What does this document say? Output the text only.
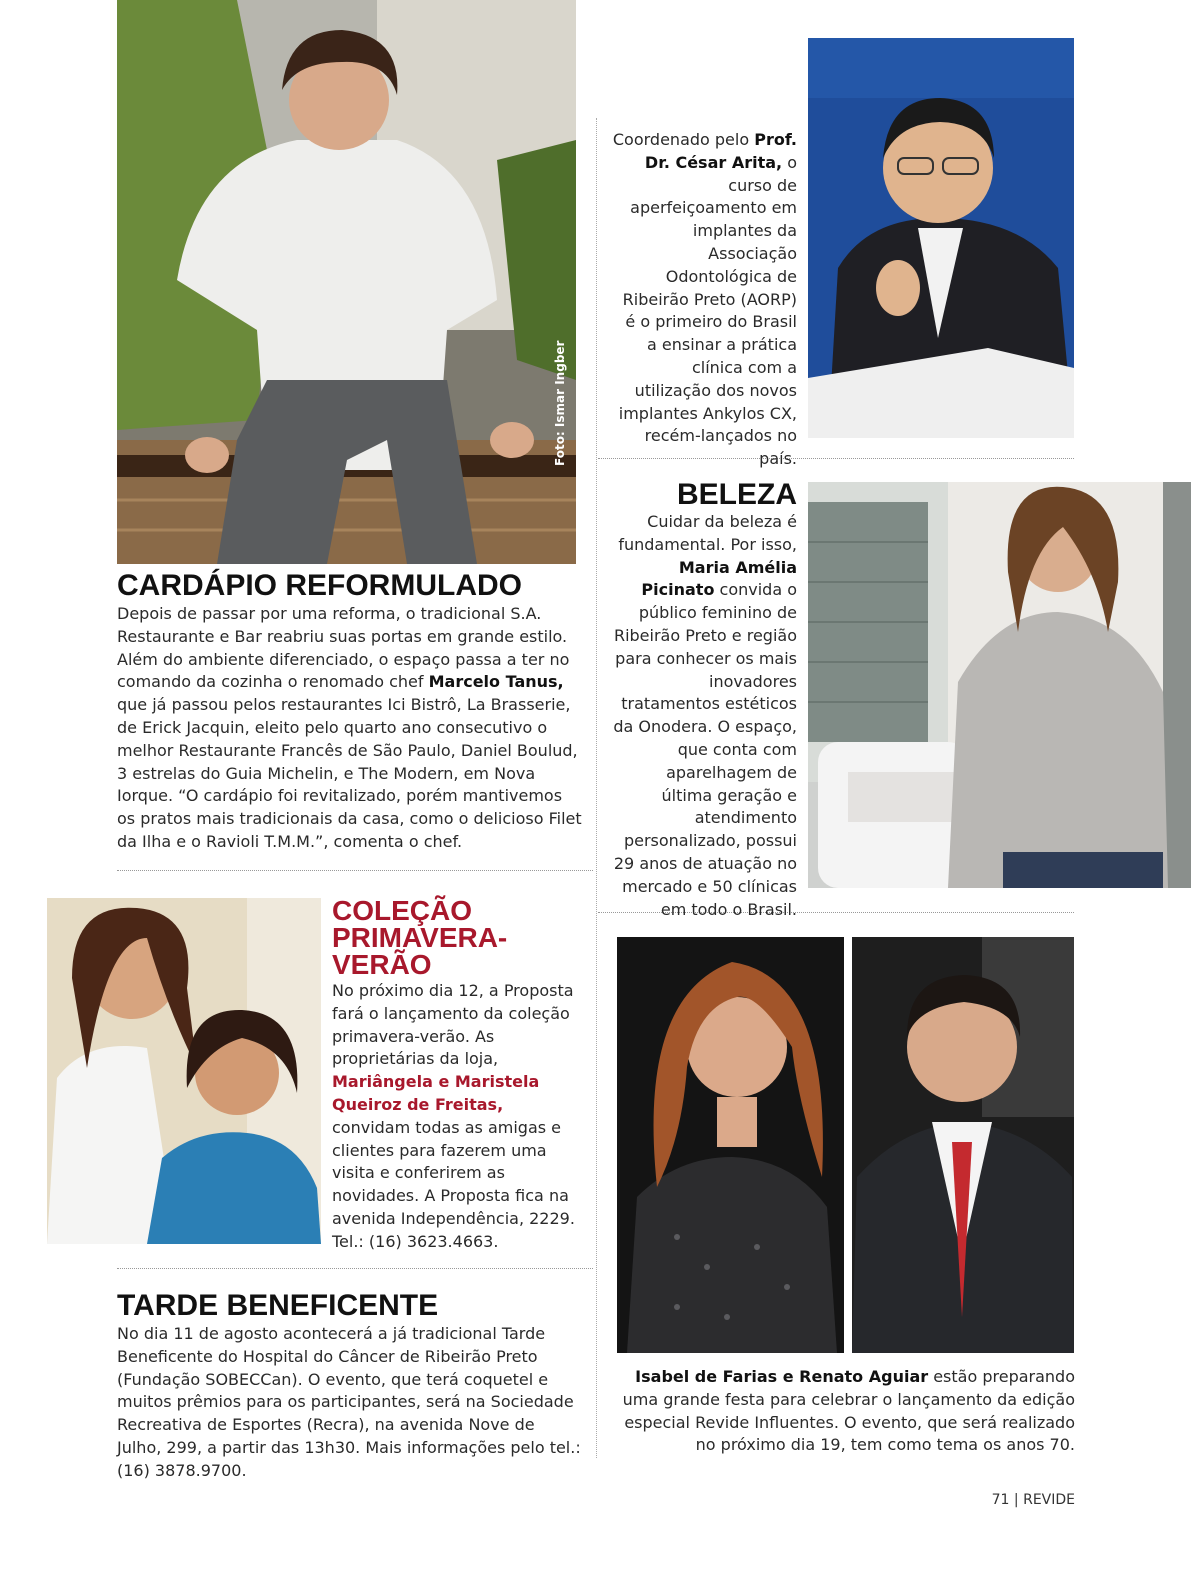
Foto: Ismar Ingber
CARDÁPIO REFORMULADO

Depois de passar por uma reforma, o tradicional S.A. Restaurante e Bar reabriu suas portas em grande estilo. Além do ambiente diferenciado, o espaço passa a ter no comando da cozinha o renomado chef Marcelo Tanus, que já passou pelos restaurantes Ici Bistrô, La Brasserie, de Erick Jacquin, eleito pelo quarto ano consecutivo o melhor Restaurante Francês de São Paulo, Daniel Boulud, 3 estrelas do Guia Michelin, e The Modern, em Nova Iorque. “O cardápio foi revitalizado, porém mantivemos os pratos mais tradicionais da casa, como o delicioso Filet da Ilha e o Ravioli T.M.M.”, comenta o chef.

Coordenado pelo Prof. Dr. César Arita, o curso de aperfeiçoamento em implantes da Associação Odontológica de Ribeirão Preto (AORP) é o primeiro do Brasil a ensinar a prática clínica com a utilização dos novos implantes Ankylos CX, recém-lançados no país.

BELEZA

Cuidar da beleza é fundamental. Por isso, Maria Amélia Picinato convida o público feminino de Ribeirão Preto e região para conhecer os mais inovadores tratamentos estéticos da Onodera. O espaço, que conta com aparelhagem de última geração e atendimento personalizado, possui 29 anos de atuação no mercado e 50 clínicas em todo o Brasil.

COLEÇÃO
PRIMAVERA-
VERÃO

No próximo dia 12, a Proposta fará o lançamento da coleção primavera-verão. As proprietárias da loja, Mariângela e Maristela Queiroz de Freitas, convidam todas as amigas e clientes para fazerem uma visita e conferirem as novidades. A Proposta fica na avenida Independência, 2229. Tel.: (16) 3623.4663.

TARDE BENEFICENTE

No dia 11 de agosto acontecerá a já tradicional Tarde Beneficente do Hospital do Câncer de Ribeirão Preto (Fundação SOBECCan). O evento, que terá coquetel e muitos prêmios para os participantes, será na Sociedade Recreativa de Esportes (Recra), na avenida Nove de Julho, 299, a partir das 13h30. Mais informações pelo tel.: (16) 3878.9700.

Isabel de Farias e Renato Aguiar estão preparando uma grande festa para celebrar o lançamento da edição especial Revide Influentes. O evento, que será realizado no próximo dia 19, tem como tema os anos 70.

71 | REVIDE
